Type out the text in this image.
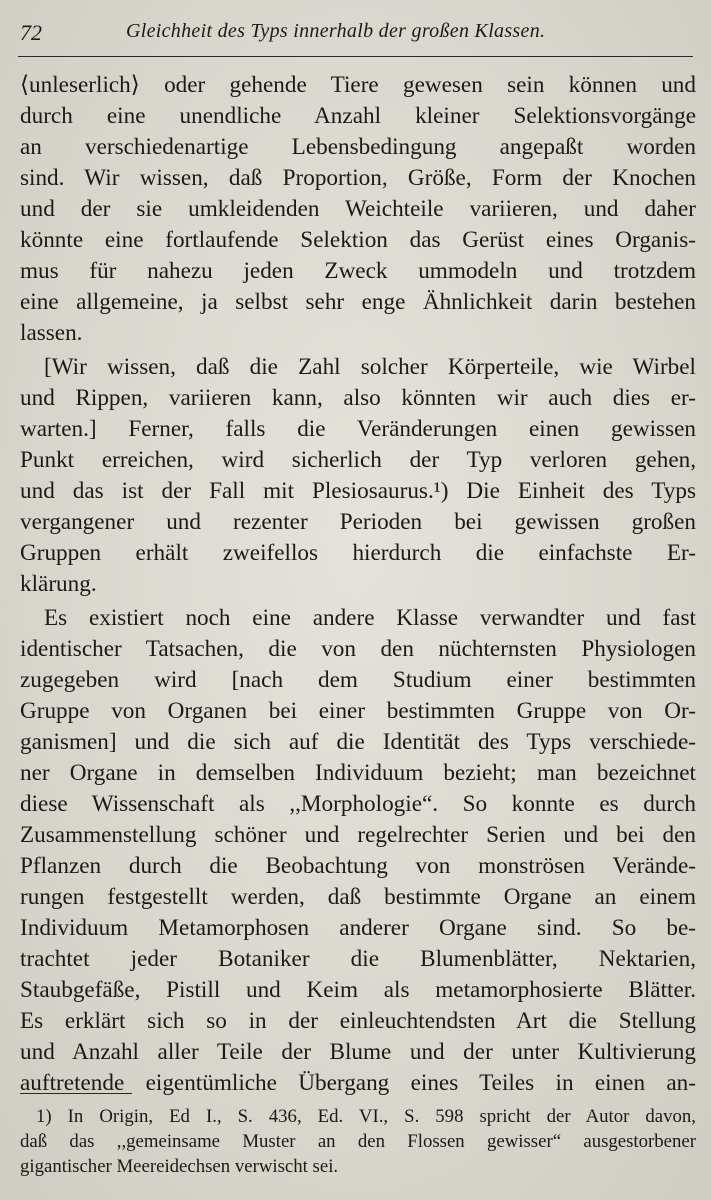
72	Gleichheit des Typs innerhalb der großen Klassen.
⟨unleserlich⟩ oder gehende Tiere gewesen sein können und
durch eine unendliche Anzahl kleiner Selektionsvorgänge
an verschiedenartige Lebensbedingung angepaßt worden
sind. Wir wissen, daß Proportion, Größe, Form der Knochen
und der sie umkleidenden Weichteile variieren, und daher
könnte eine fortlaufende Selektion das Gerüst eines Organis-
mus für nahezu jeden Zweck ummodeln und trotzdem
eine allgemeine, ja selbst sehr enge Ähnlichkeit darin bestehen
lassen.
[Wir wissen, daß die Zahl solcher Körperteile, wie Wirbel
und Rippen, variieren kann, also könnten wir auch dies er-
warten.] Ferner, falls die Veränderungen einen gewissen
Punkt erreichen, wird sicherlich der Typ verloren gehen,
und das ist der Fall mit Plesiosaurus.¹) Die Einheit des Typs
vergangener und rezenter Perioden bei gewissen großen
Gruppen erhält zweifellos hierdurch die einfachste Er-
klärung.
Es existiert noch eine andere Klasse verwandter und fast
identischer Tatsachen, die von den nüchternsten Physiologen
zugegeben wird [nach dem Studium einer bestimmten
Gruppe von Organen bei einer bestimmten Gruppe von Or-
ganismen] und die sich auf die Identität des Typs verschiede-
ner Organe in demselben Individuum bezieht; man bezeichnet
diese Wissenschaft als ,,Morphologie“. So konnte es durch
Zusammenstellung schöner und regelrechter Serien und bei den
Pflanzen durch die Beobachtung von monströsen Verände-
rungen festgestellt werden, daß bestimmte Organe an einem
Individuum Metamorphosen anderer Organe sind. So be-
trachtet jeder Botaniker die Blumenblätter, Nektarien,
Staubgefäße, Pistill und Keim als metamorphosierte Blätter.
Es erklärt sich so in der einleuchtendsten Art die Stellung
und Anzahl aller Teile der Blume und der unter Kultivierung
auftretende eigentümliche Übergang eines Teiles in einen an-
1) In Origin, Ed I., S. 436, Ed. VI., S. 598 spricht der Autor davon,
daß das ,,gemeinsame Muster an den Flossen gewisser“ ausgestorbener
gigantischer Meereidechsen verwischt sei.
